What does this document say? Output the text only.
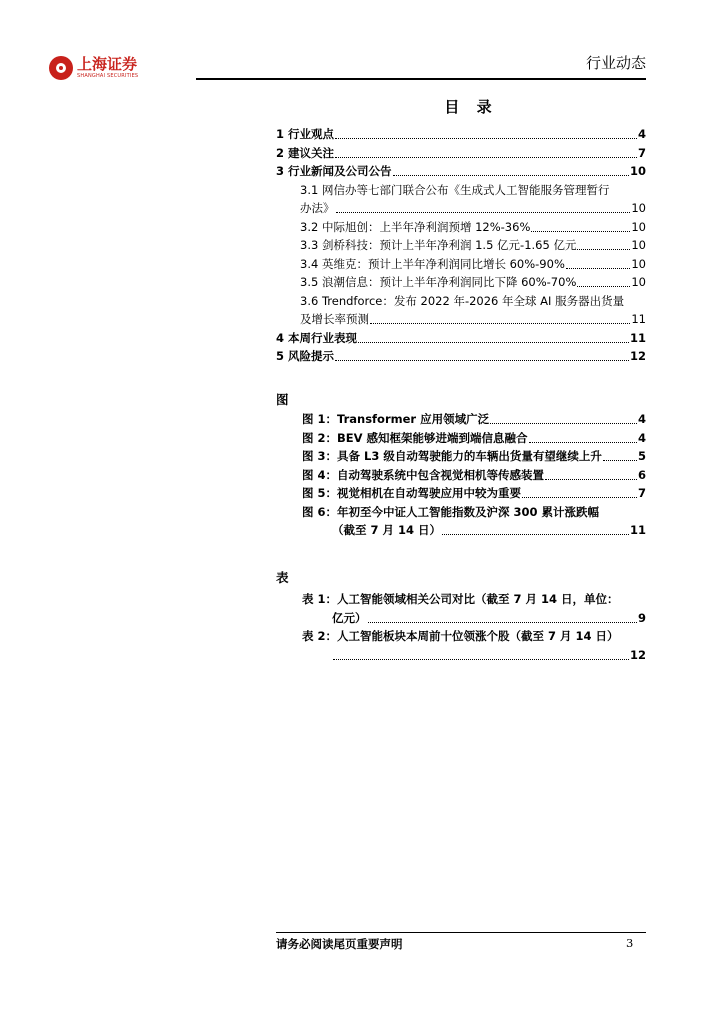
上海证券
SHANGHAI SECURITIES
行业动态
目 录
1 行业观点	4
2 建议关注	7
3 行业新闻及公司公告	10
3.1 网信办等七部门联合公布《生成式人工智能服务管理暂行
办法》	10
3.2 中际旭创：上半年净利润预增 12%-36%	10
3.3 剑桥科技：预计上半年净利润 1.5 亿元-1.65 亿元	10
3.4 英维克：预计上半年净利润同比增长 60%-90%	10
3.5 浪潮信息：预计上半年净利润同比下降 60%-70%	10
3.6 Trendforce：发布 2022 年-2026 年全球 AI 服务器出货量
及增长率预测	11
4 本周行业表现	11
5 风险提示	12
图
图 1：Transformer 应用领域广泛	4
图 2：BEV 感知框架能够进端到端信息融合	4
图 3：具备 L3 级自动驾驶能力的车辆出货量有望继续上升	5
图 4：自动驾驶系统中包含视觉相机等传感装置	6
图 5：视觉相机在自动驾驶应用中较为重要	7
图 6：年初至今中证人工智能指数及沪深 300 累计涨跌幅
（截至 7 月 14 日）	11
表
表 1：人工智能领域相关公司对比（截至 7 月 14 日，单位：
亿元）	9
表 2：人工智能板块本周前十位领涨个股（截至 7 月 14 日）
12
请务必阅读尾页重要声明	3
